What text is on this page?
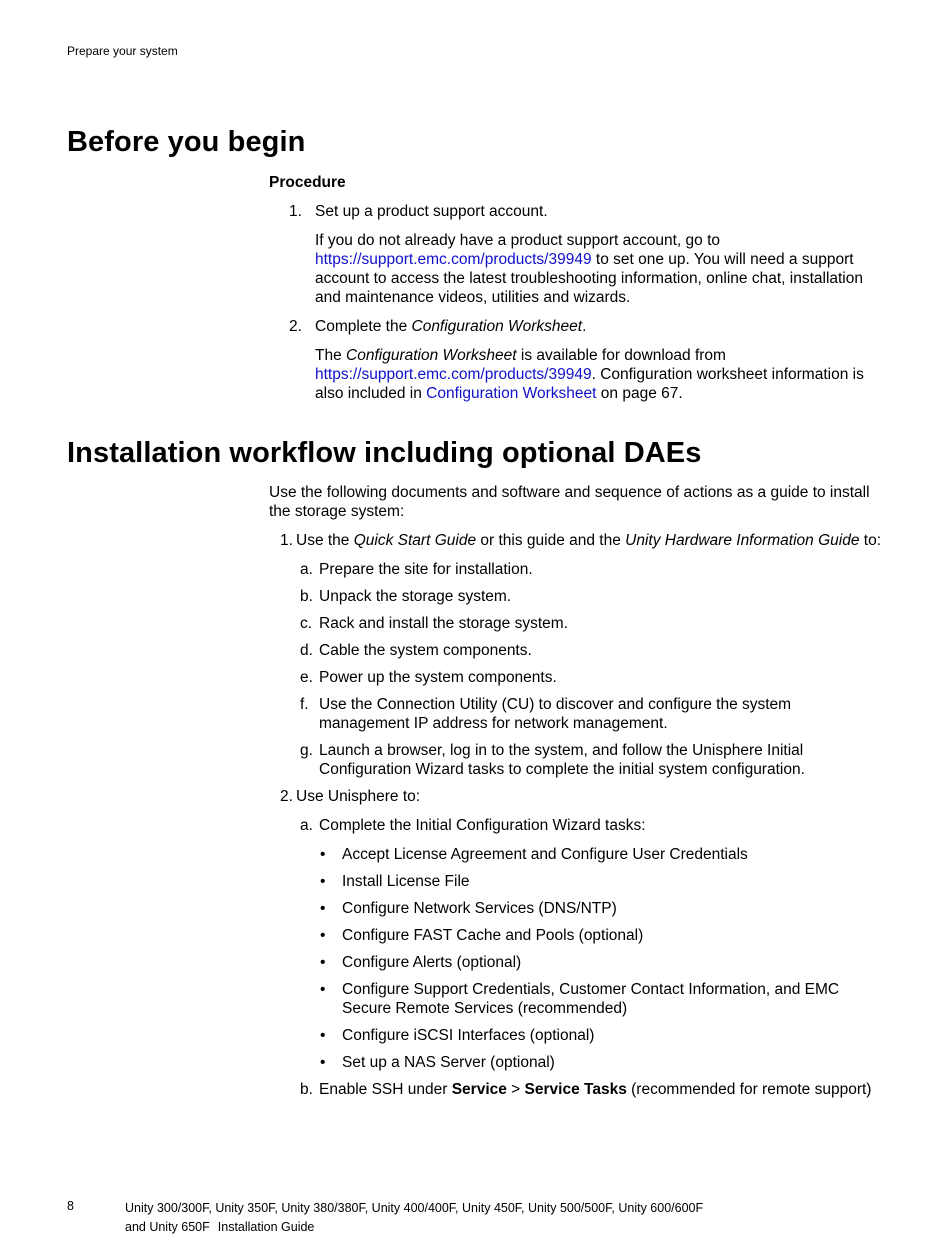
Prepare your system
Before you begin
Procedure
1. Set up a product support account.

If you do not already have a product support account, go to https://support.emc.com/products/39949 to set one up. You will need a support account to access the latest troubleshooting information, online chat, installation and maintenance videos, utilities and wizards.

2. Complete the Configuration Worksheet.

The Configuration Worksheet is available for download from https://support.emc.com/products/39949. Configuration worksheet information is also included in Configuration Worksheet on page 67.

Installation workflow including optional DAEs

Use the following documents and software and sequence of actions as a guide to install the storage system:

1. Use the Quick Start Guide or this guide and the Unity Hardware Information Guide to:

a. Prepare the site for installation.
b. Unpack the storage system.
c. Rack and install the storage system.
d. Cable the system components.
e. Power up the system components.
f. Use the Connection Utility (CU) to discover and configure the system management IP address for network management.
g. Launch a browser, log in to the system, and follow the Unisphere Initial Configuration Wizard tasks to complete the initial system configuration.
2. Use Unisphere to:

a. Complete the Initial Configuration Wizard tasks:
• Accept License Agreement and Configure User Credentials
• Install License File
• Configure Network Services (DNS/NTP)
• Configure FAST Cache and Pools (optional)
• Configure Alerts (optional)
• Configure Support Credentials, Customer Contact Information, and EMC Secure Remote Services (recommended)
• Configure iSCSI Interfaces (optional)
• Set up a NAS Server (optional)
b. Enable SSH under Service > Service Tasks (recommended for remote support)
8	Unity 300/300F, Unity 350F, Unity 380/380F, Unity 400/400F, Unity 450F, Unity 500/500F, Unity 600/600F
and Unity 650F Installation Guide
